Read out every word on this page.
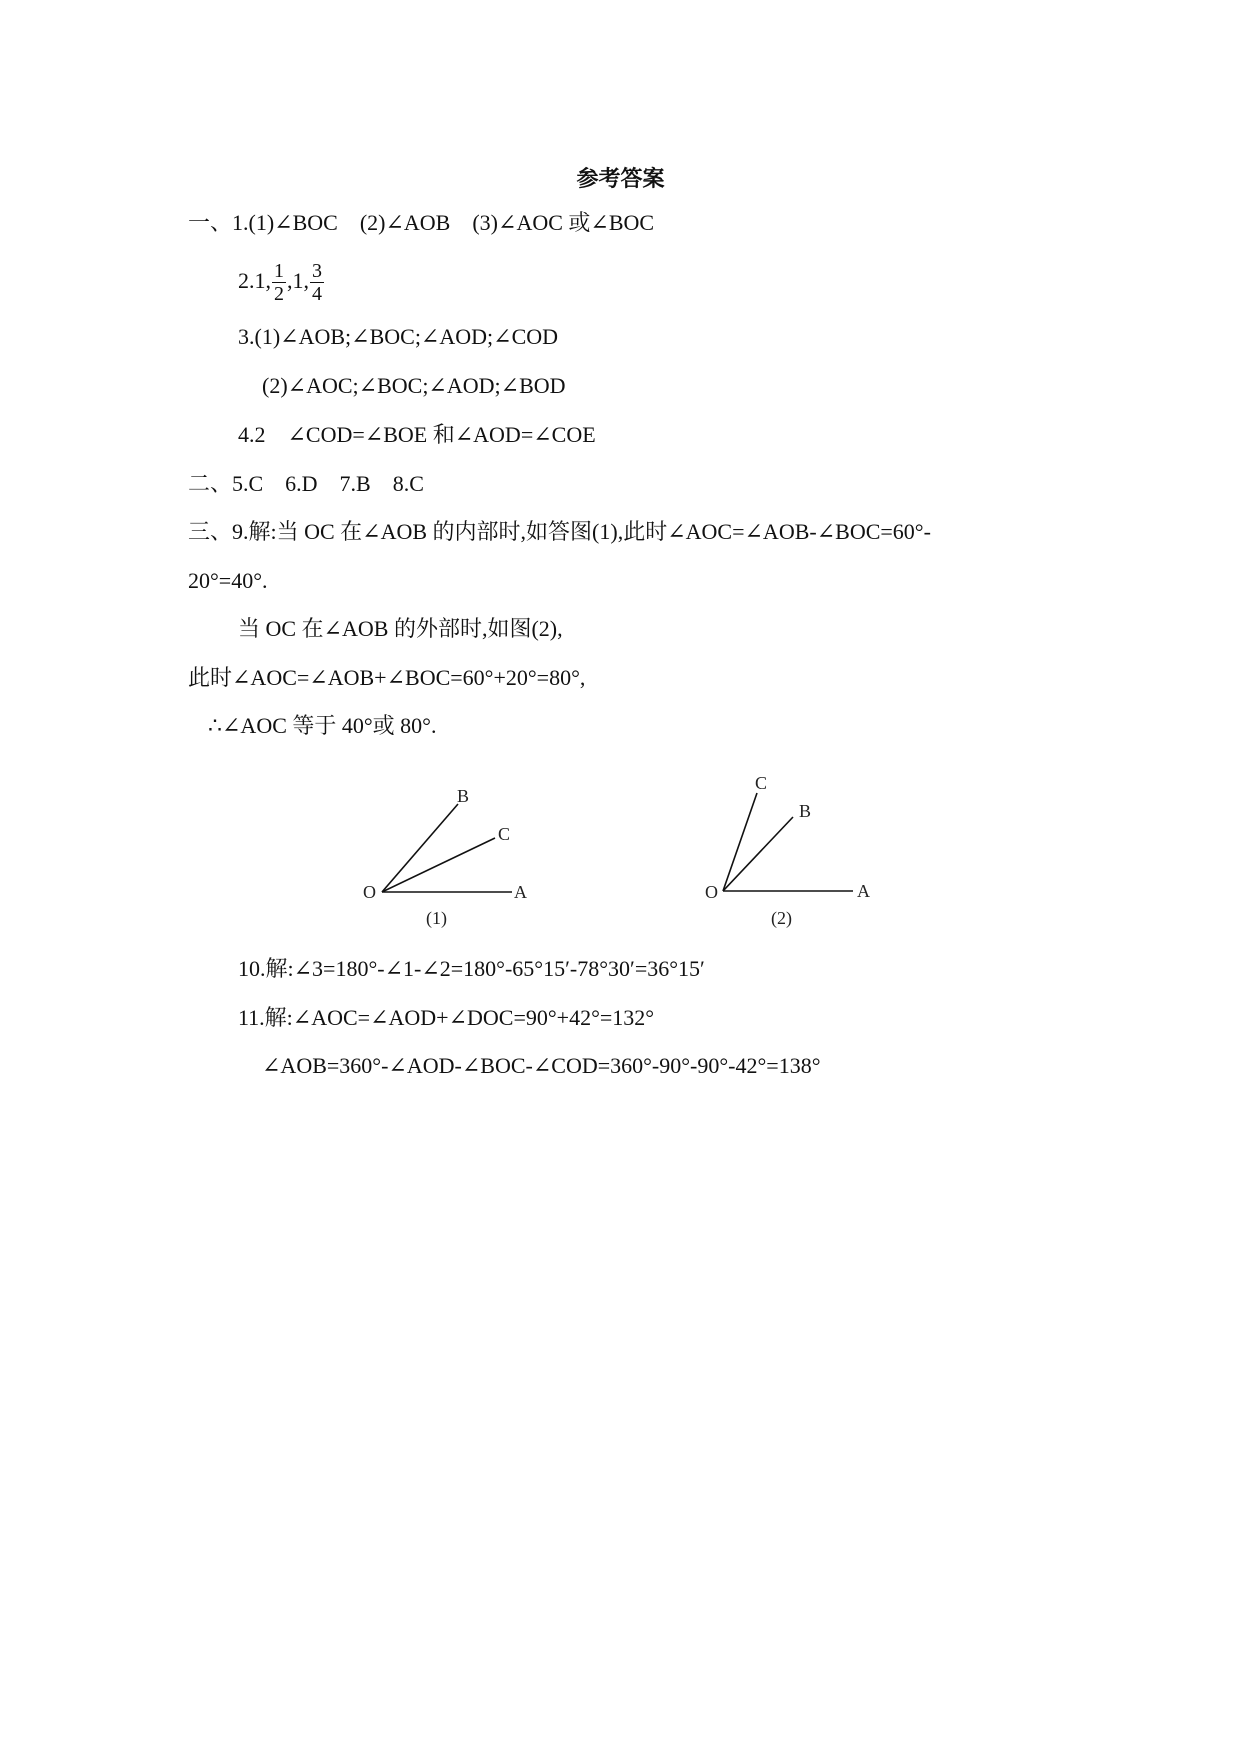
参考答案
一、1.(1)∠BOC　(2)∠AOB　(3)∠AOC 或∠BOC
2.1, $\frac{1}{2} ,1$, $\frac{3}{4}$
3.(1)∠AOB;∠BOC;∠AOD;∠COD
(2)∠AOC;∠BOC;∠AOD;∠BOD
4.2　∠COD=∠BOE 和∠AOD=∠COE
二、5.C　6.D　7.B　8.C
三、9.解:当 OC 在∠AOB 的内部时,如答图(1),此时∠AOC=∠AOB-∠BOC=60°-
20°=40°.
当 OC 在∠AOB 的外部时,如图(2),
此时∠AOC=∠AOB+∠BOC=60°+20°=80°,
∴∠AOC 等于 40°或 80°.
O	A
B
C
(1)
O	A
B
C
(2)
10.解:∠3=180°-∠1-∠2=180°-65°15′-78°30′=36°15′
11.解:∠AOC=∠AOD+∠DOC=90°+42°=132°
∠AOB=360°-∠AOD-∠BOC-∠COD=360°-90°-90°-42°=138°
